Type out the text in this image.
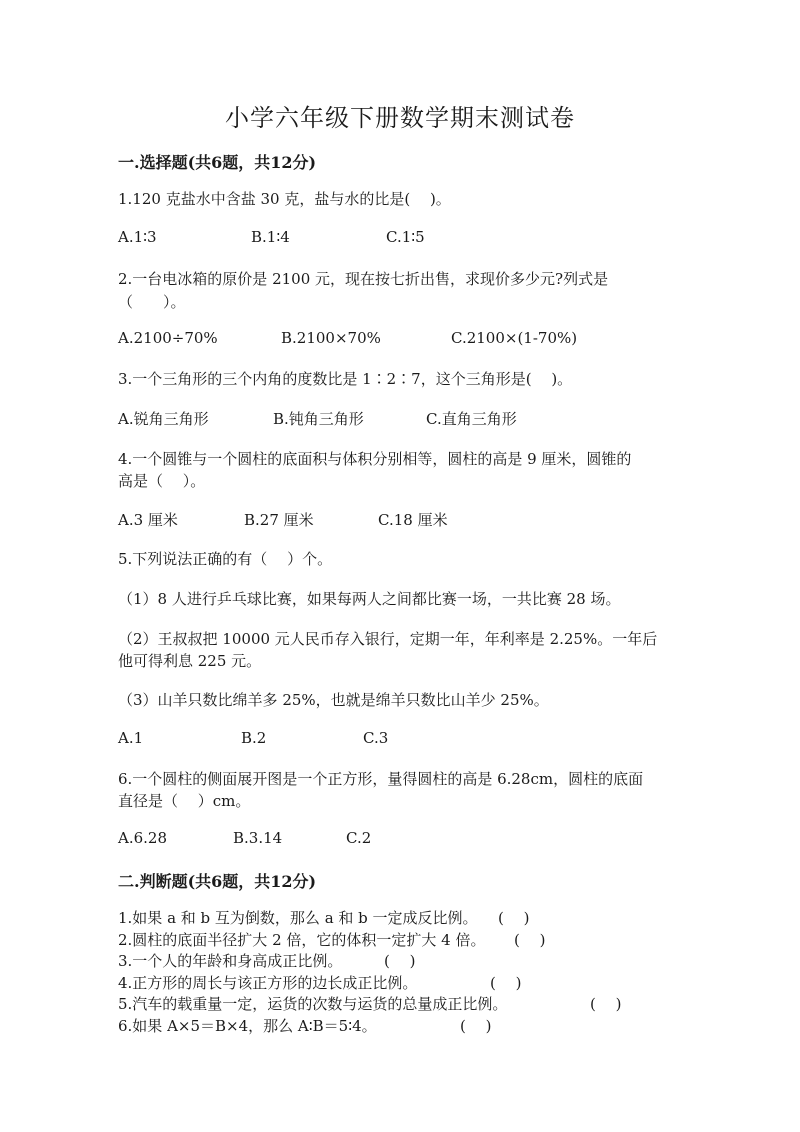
小学六年级下册数学期末测试卷
一.选择题(共6题，共12分)
1.120 克盐水中含盐 30 克，盐与水的比是(　 )。
A.1∶3	B.1∶4	C.1∶5
2.一台电冰箱的原价是 2100 元，现在按七折出售，求现价多少元?列式是
（　　）。
A.2100÷70%	B.2100×70%	C.2100×(1-70%)
3.一个三角形的三个内角的度数比是 1∶2∶7，这个三角形是(　 )。
A.锐角三角形	B.钝角三角形	C.直角三角形
4.一个圆锥与一个圆柱的底面积与体积分别相等，圆柱的高是 9 厘米，圆锥的
高是（　 ）。
A.3 厘米	B.27 厘米	C.18 厘米
5.下列说法正确的有（　 ）个。
（1）8 人进行乒乓球比赛，如果每两人之间都比赛一场，一共比赛 28 场。
（2）王叔叔把 10000 元人民币存入银行，定期一年，年利率是 2.25%。一年后
他可得利息 225 元。
（3）山羊只数比绵羊多 25%，也就是绵羊只数比山羊少 25%。
A.1	B.2	C.3
6.一个圆柱的侧面展开图是一个正方形，量得圆柱的高是 6.28cm，圆柱的底面
直径是（　 ）cm。
A.6.28	B.3.14	C.2
二.判断题(共6题，共12分)
1.如果 a 和 b 互为倒数，那么 a 和 b 一定成反比例。 (　 )
2.圆柱的底面半径扩大 2 倍，它的体积一定扩大 4 倍。 (　 )
3.一个人的年龄和身高成正比例。	(　 )
4.正方形的周长与该正方形的边长成正比例。	(　 )
5.汽车的载重量一定，运货的次数与运货的总量成正比例。	(　 )
6.如果 A×5＝B×4，那么 A∶B＝5∶4。	(　 )
